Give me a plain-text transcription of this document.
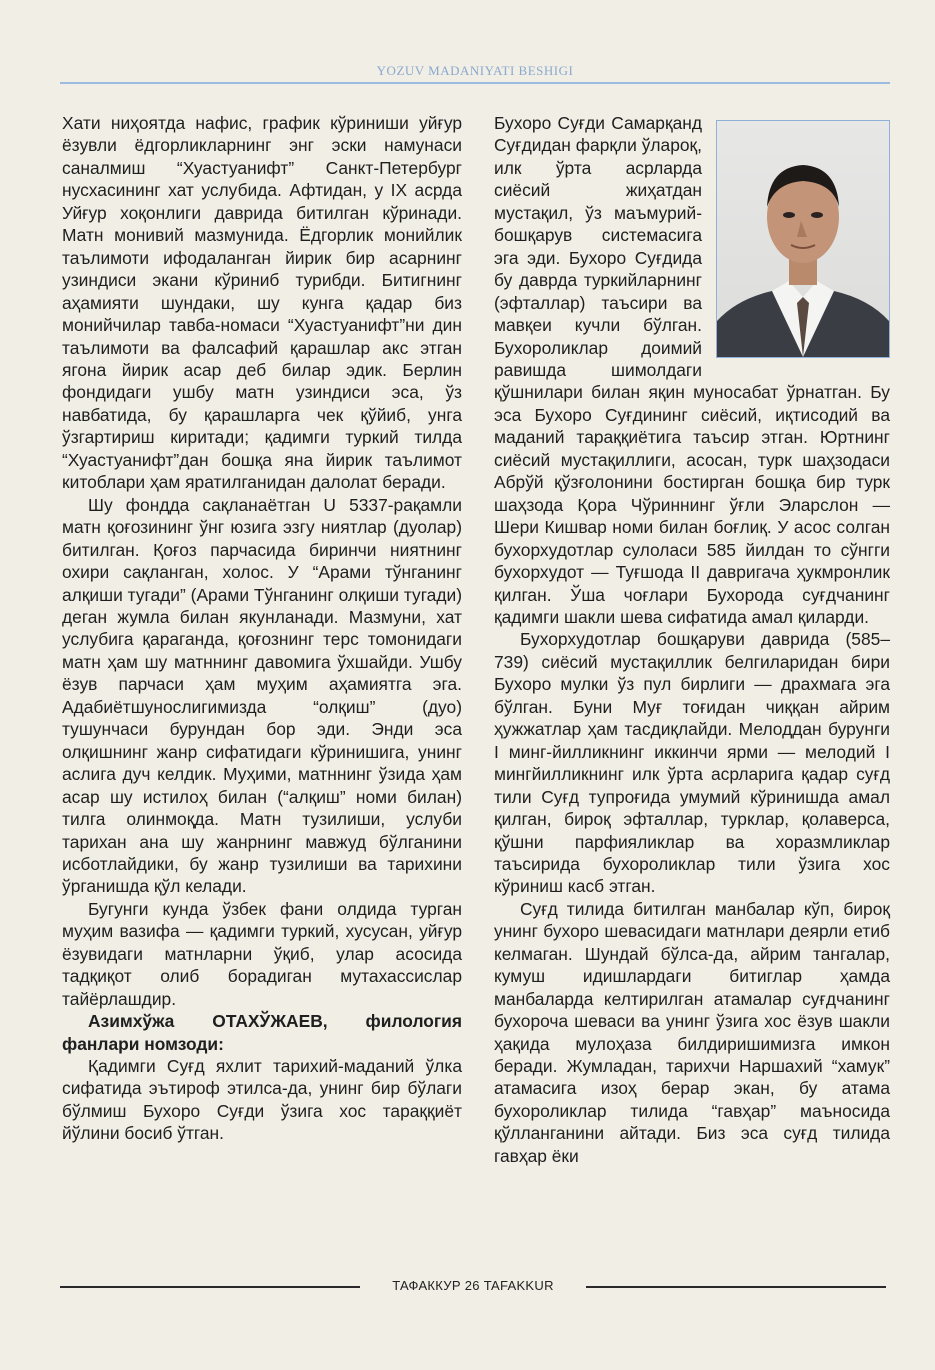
YOZUV MADANIYATI BESHIGI

Хати ниҳоятда нафис, график кўриниши уйғур ёзувли ёдгорликларнинг энг эски намунаси саналмиш “Хуастуанифт” Санкт-Петербург нусхасининг хат услубида. Афтидан, у IX асрда Уйғур хоқонлиги даврида битилган кўринади. Матн монивий мазмунида. Ёдгорлик монийлик таълимоти ифодаланган йирик бир асарнинг узиндиси экани кўриниб турибди. Битигнинг аҳамияти шундаки, шу кунга қадар биз монийчилар тавба-номаси “Хуастуанифт”ни дин таълимоти ва фалсафий қарашлар акс этган ягона йирик асар деб билар эдик. Берлин фондидаги ушбу матн узиндиси эса, ўз навбатида, бу қарашларга чек қўйиб, унга ўзгартириш киритади; қадимги туркий тилда “Хуастуанифт”дан бошқа яна йирик таълимот китоблари ҳам яратилганидан далолат беради.

Шу фондда сақланаётган U 5337-рақамли матн қоғозининг ўнг юзига эзгу ниятлар (дуолар) битилган. Қоғоз парчасида биринчи ниятнинг охири сақланган, холос. У “Арами тўнганинг алқиши тугади” (Арами Тўнганинг олқиши тугади) деган жумла билан якунланади. Мазмуни, хат услубига қараганда, қоғознинг терс томонидаги матн ҳам шу матннинг давомига ўхшайди. Ушбу ёзув парчаси ҳам муҳим аҳамиятга эга. Адабиётшунослигимизда “олқиш” (дуо) тушунчаси бурундан бор эди. Энди эса олқишнинг жанр сифатидаги кўринишига, унинг аслига дуч келдик. Муҳими, матннинг ўзида ҳам асар шу истилоҳ билан (“алқиш” номи билан) тилга олинмоқда. Матн тузилиши, услуби тарихан ана шу жанрнинг мавжуд бўлганини исботлайдики, бу жанр тузилиши ва тарихини ўрганишда қўл келади.

Бугунги кунда ўзбек фани олдида турган муҳим вазифа — қадимги туркий, хусусан, уйғур ёзувидаги матнларни ўқиб, улар асосида тадқиқот олиб борадиган мутахассислар тайёрлашдир.

Азимхўжа ОТАХЎЖАЕВ, филология фанлари номзоди:

Қадимги Суғд яхлит тарихий-маданий ўлка сифатида эътироф этилса-да, унинг бир бўлаги бўлмиш Бухоро Суғди ўзига хос тараққиёт йўлини босиб ўтган.

Бухоро Суғди Самарқанд Суғдидан фарқли ўлароқ, илк ўрта асрларда сиёсий жиҳатдан мустақил, ўз маъмурий-бошқарув системасига эга эди. Бухоро Суғдида бу даврда туркийларнинг (эфталлар) таъсири ва мавқеи кучли бўлган. Бухороликлар доимий равишда шимолдаги қўшнилари билан яқин муносабат ўрнатган. Бу эса Бухоро Суғдининг сиёсий, иқтисодий ва маданий тараққиётига таъсир этган. Юртнинг сиёсий мустақиллиги, асосан, турк шаҳзодаси Абрўй қўзғолонини бостирган бошқа бир турк шаҳзода Қора Чўриннинг ўғли Эларслон — Шери Кишвар номи билан боғлиқ. У асос солган бухорхудотлар сулоласи 585 йилдан то сўнгги бухорхудот — Туғшода II давригача ҳукмронлик қилган. Ўша чоғлари Бухорода суғдчанинг қадимги шакли шева сифатида амал қиларди.

Бухорхудотлар бошқаруви даврида (585–739) сиёсий мустақиллик белгиларидан бири Бухоро мулки ўз пул бирлиги — драхмага эга бўлган. Буни Муғ тоғидан чиққан айрим ҳужжатлар ҳам тасдиқлайди. Мелоддан бурунги I минг-йилликнинг иккинчи ярми — мелодий I мингйилликнинг илк ўрта асрларига қадар суғд тили Суғд тупроғида умумий кўринишда амал қилган, бироқ эфталлар, турклар, қолаверса, қўшни парфияликлар ва хоразмликлар таъсирида бухороликлар тили ўзига хос кўриниш касб этган.

Суғд тилида битилган манбалар кўп, бироқ унинг бухоро шевасидаги матнлари деярли етиб келмаган. Шундай бўлса-да, айрим тангалар, кумуш идишлардаги битиглар ҳамда манбаларда келтирилган атамалар суғдчанинг бухороча шеваси ва унинг ўзига хос ёзув шакли ҳақида мулоҳаза билдиришимизга имкон беради. Жумладан, тарихчи Наршахий “хамук” атамасига изоҳ берар экан, бу атама бухороликлар тилида “гавҳар” маъносида қўлланганини айтади. Биз эса суғд тилида гавҳар ёки

ТАФАККУР 26 TAFAKKUR
